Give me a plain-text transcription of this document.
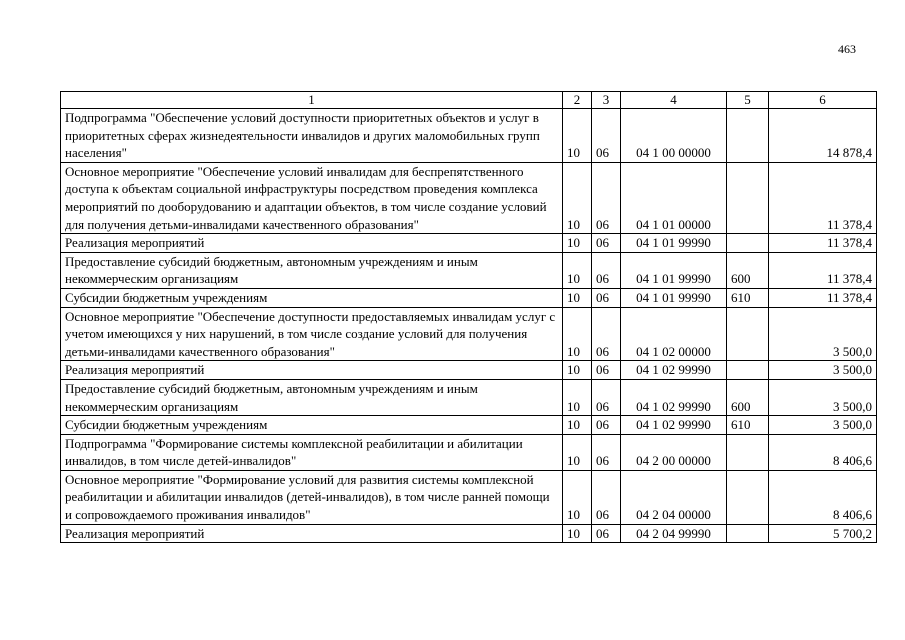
463
1	2	3	4	5	6
Подпрограмма "Обеспечение условий доступности приоритетных объектов и услуг в приоритетных сферах жизнедеятельности инвалидов и других маломобильных групп населения"	10	06	04 1 00 00000		14 878,4
Основное мероприятие "Обеспечение условий инвалидам для беспрепятственного доступа к объектам социальной инфраструктуры посредством проведения комплекса мероприятий по дооборудованию и адаптации объектов, в том числе создание условий для получения детьми-инвалидами качественного образования"	10	06	04 1 01 00000		11 378,4
Реализация мероприятий	10	06	04 1 01 99990		11 378,4
Предоставление субсидий бюджетным, автономным учреждениям и иным некоммерческим организациям	10	06	04 1 01 99990	600	11 378,4
Субсидии бюджетным учреждениям	10	06	04 1 01 99990	610	11 378,4
Основное мероприятие "Обеспечение доступности предоставляемых инвалидам услуг с учетом имеющихся у них нарушений, в том числе создание условий для получения детьми-инвалидами качественного образования"	10	06	04 1 02 00000		3 500,0
Реализация мероприятий	10	06	04 1 02 99990		3 500,0
Предоставление субсидий бюджетным, автономным учреждениям и иным некоммерческим организациям	10	06	04 1 02 99990	600	3 500,0
Субсидии бюджетным учреждениям	10	06	04 1 02 99990	610	3 500,0
Подпрограмма "Формирование системы комплексной реабилитации и абилитации инвалидов, в том числе детей-инвалидов"	10	06	04 2 00 00000		8 406,6
Основное мероприятие "Формирование условий для развития системы комплексной реабилитации и абилитации инвалидов (детей-инвалидов), в том числе ранней помощи и сопровождаемого проживания инвалидов"	10	06	04 2 04 00000		8 406,6
Реализация мероприятий	10	06	04 2 04 99990		5 700,2
